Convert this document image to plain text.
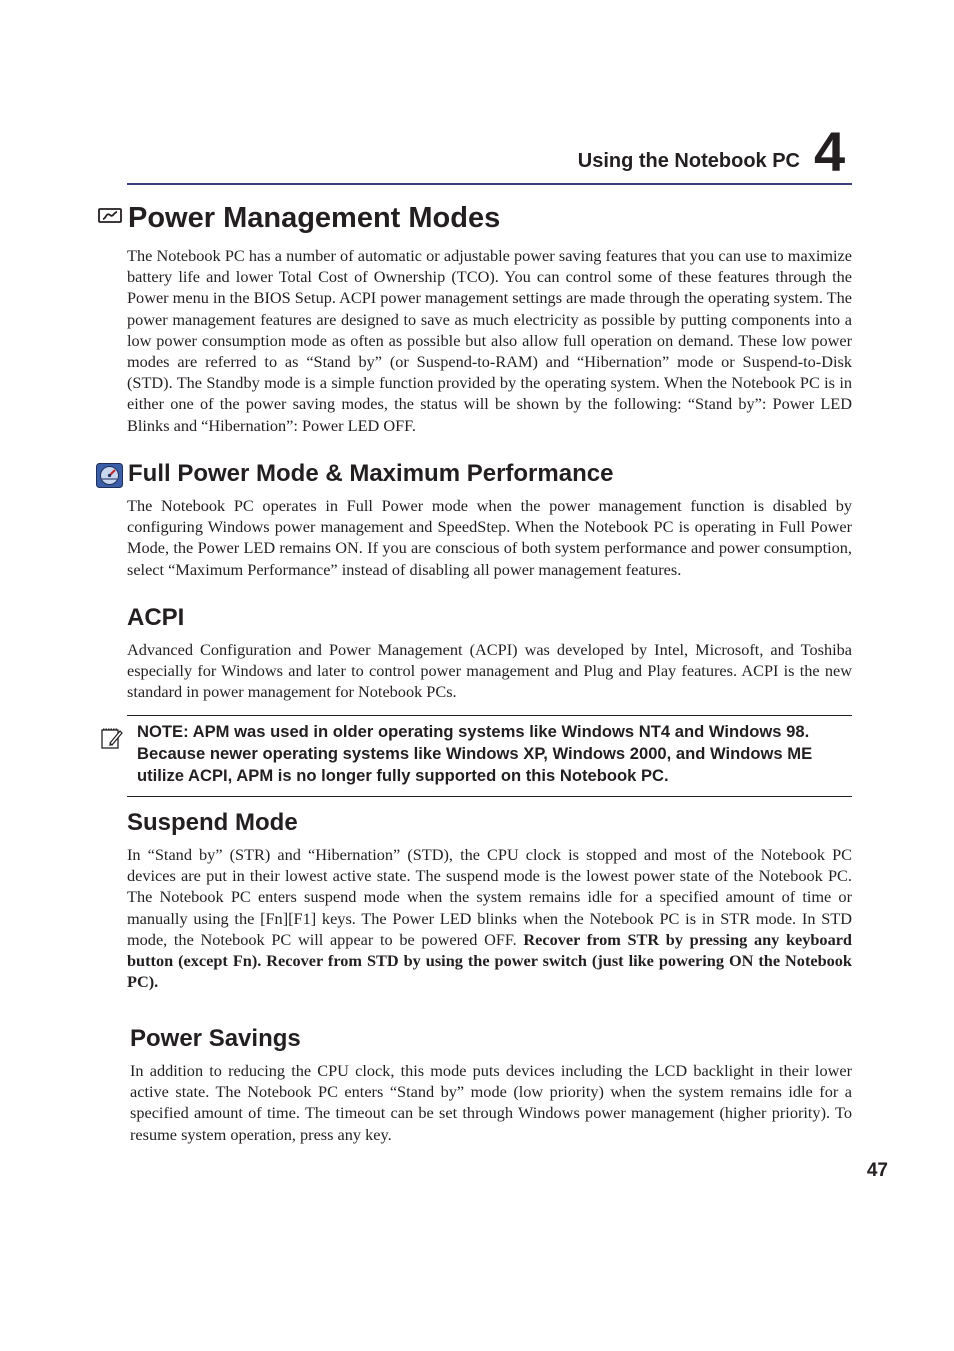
Using the Notebook PC 4
Power Management Modes
The Notebook PC has a number of automatic or adjustable power saving features that you can use to maximize battery life and lower Total Cost of Ownership (TCO). You can control some of these features through the Power menu in the BIOS Setup. ACPI power management settings are made through the operating system. The power management features are designed to save as much electricity as possible by putting components into a low power consumption mode as often as possible but also allow full operation on demand. These low power modes are referred to as “Stand by” (or Suspend-to-RAM) and “Hibernation” mode or Suspend-to-Disk (STD). The Standby mode is a simple function provided by the operating system. When the Notebook PC is in either one of the power saving modes, the status will be shown by the following: “Stand by”: Power LED Blinks and “Hibernation”: Power LED OFF.
Full Power Mode & Maximum Performance
The Notebook PC operates in Full Power mode when the power management function is disabled by configuring Windows power management and SpeedStep. When the Notebook PC is operating in Full Power Mode, the Power LED remains ON. If you are conscious of both system performance and power consumption, select “Maximum Performance” instead of disabling all power management features.
ACPI
Advanced Configuration and Power Management (ACPI) was developed by Intel, Microsoft, and Toshiba especially for Windows and later to control power management and Plug and Play features. ACPI is the new standard in power management for Notebook PCs.
NOTE: APM was used in older operating systems like Windows NT4 and Windows 98. Because newer operating systems like Windows XP, Windows 2000, and Windows ME utilize ACPI, APM is no longer fully supported on this Notebook PC.
Suspend Mode
In “Stand by” (STR) and “Hibernation” (STD), the CPU clock is stopped and most of the Notebook PC devices are put in their lowest active state. The suspend mode is the lowest power state of the Notebook PC. The Notebook PC enters suspend mode when the system remains idle for a specified amount of time or manually using the [Fn][F1] keys. The Power LED blinks when the Notebook PC is in STR mode. In STD mode, the Notebook PC will appear to be powered OFF. Recover from STR by pressing any keyboard button (except Fn). Recover from STD by using the power switch (just like powering ON the Notebook PC).
Power Savings
In addition to reducing the CPU clock, this mode puts devices including the LCD backlight in their lower active state. The Notebook PC enters “Stand by” mode (low priority) when the system remains idle for a specified amount of time. The timeout can be set through Windows power management (higher priority). To resume system operation, press any key.
47
